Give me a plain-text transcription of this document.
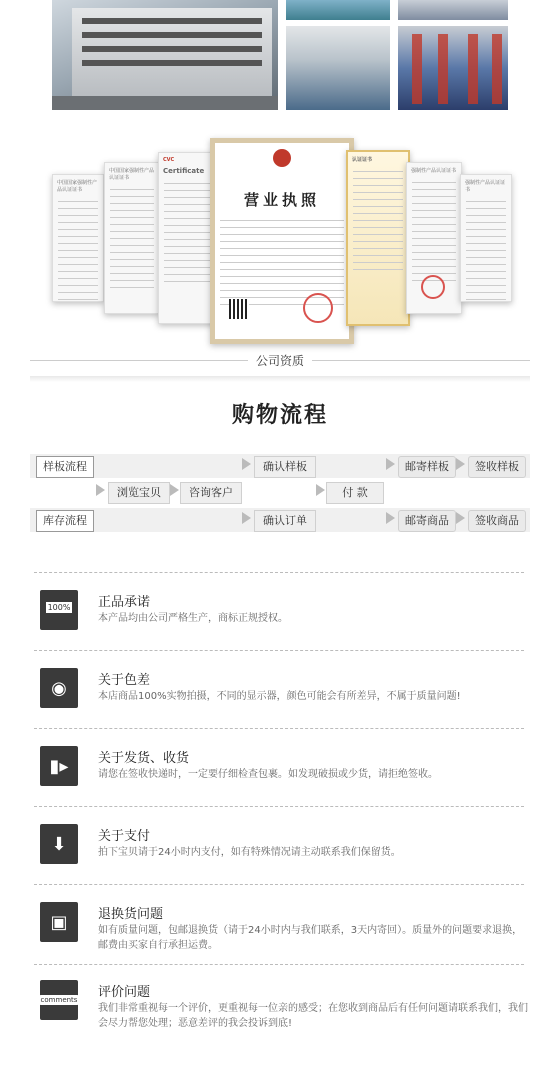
中国国家强制性产品认证证书
中国国家强制性产品认证证书
CVC
Certificate
营业执照
认证证书
强制性产品认证证书
强制性产品认证证书
公司资质
购物流程
样板流程
库存流程
浏览宝贝	咨询客户
确认样板
确认订单
付 款
邮寄样板	签收样板
邮寄商品	签收商品
100% 正品承诺
本产品均由公司严格生产，商标正规授权。
◉	关于色差
本店商品100%实物拍摄，不同的显示器，颜色可能会有所差异，不属于质量问题!
▮▸	关于发货、收货
请您在签收快递时，一定要仔细检查包裹。如发现破损或少货，请拒绝签收。
⬇	关于支付
拍下宝贝请于24小时内支付，如有特殊情况请主动联系我们保留货。
▣	退换货问题
如有质量问题，包邮退换货（请于24小时内与我们联系，3天内寄回）。质量外的问题要求退换，邮费由买家自行承担运费。
comments 评价问题
我们非常重视每一个评价，更重视每一位亲的感受；在您收到商品后有任何问题请联系我们，我们会尽力帮您处理；恶意差评的我会投诉到底!
